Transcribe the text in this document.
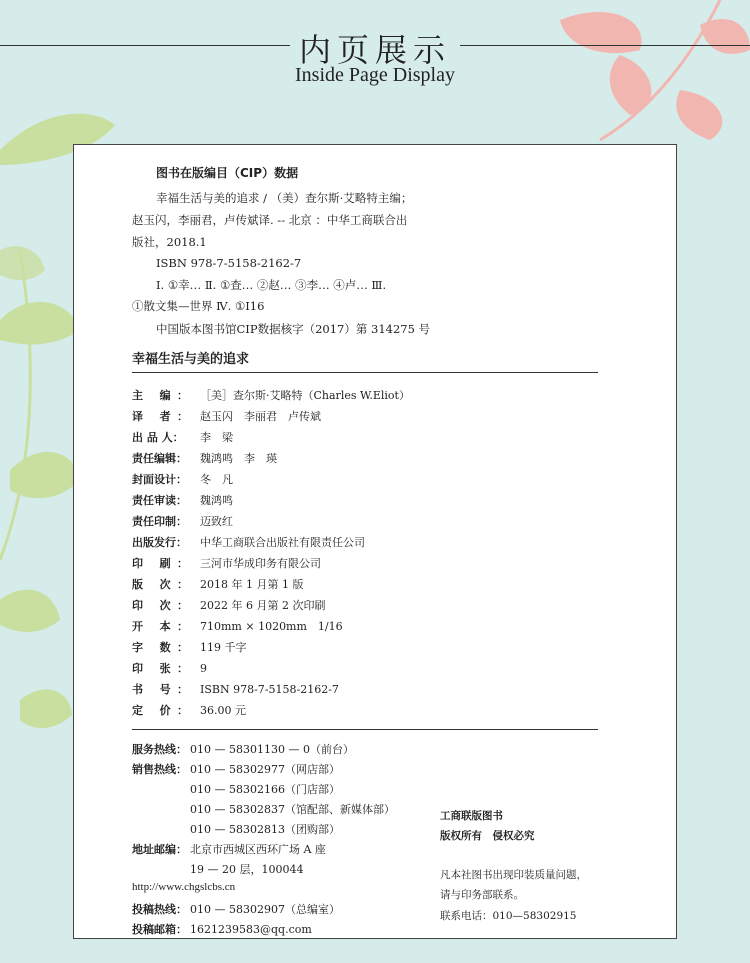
内页展示
Inside Page Display
图书在版编目（CIP）数据
幸福生活与美的追求 / （美）查尔斯·艾略特主编；
赵玉闪，李丽君，卢传斌译. -- 北京 ：中华工商联合出
版社，2018.1
ISBN 978-7-5158-2162-7
Ⅰ. ①幸… Ⅱ. ①查… ②赵… ③李… ④卢… Ⅲ.
①散文集—世界 Ⅳ. ①I16
中国版本图书馆CIP数据核字（2017）第 314275 号
幸福生活与美的追求
主 编： ［美］查尔斯·艾略特（Charles W.Eliot）
译 者： 赵玉闪　李丽君　卢传斌
出 品 人： 李　梁
责任编辑： 魏鸿鸣　李　瑛
封面设计： 冬　凡
责任审读： 魏鸿鸣
责任印制： 迈致红
出版发行： 中华工商联合出版社有限责任公司
印 刷： 三河市华成印务有限公司
版 次： 2018 年 1 月第 1 版
印 次： 2022 年 6 月第 2 次印刷
开 本： 710mm × 1020mm　1/16
字 数： 119 千字
印 张： 9
书 号： ISBN 978-7-5158-2162-7
定 价： 36.00 元
服务热线： 010 — 58301130 — 0（前台）
销售热线： 010 — 58302977（网店部）
010 — 58302166（门店部）
010 — 58302837（馆配部、新媒体部）
010 — 58302813（团购部）
地址邮编： 北京市西城区西环广场 A 座
19 — 20 层，100044
http://www.chgslcbs.cn
投稿热线： 010 — 58302907（总编室）
投稿邮箱： 1621239583@qq.com
工商联版图书
版权所有　侵权必究
凡本社图书出现印装质量问题，
请与印务部联系。
联系电话：010—58302915
